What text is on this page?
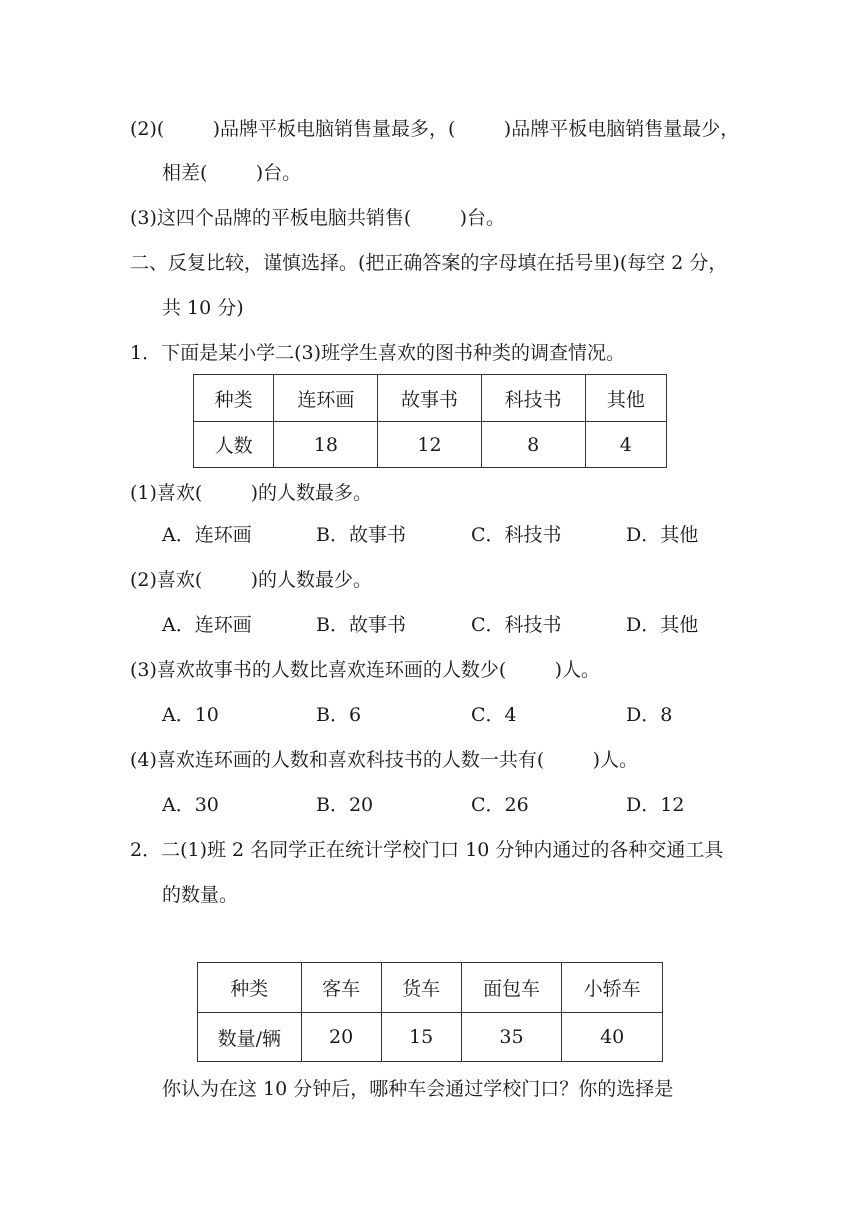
(2)(        )品牌平板电脑销售量最多，(        )品牌平板电脑销售量最少，
相差(        )台。
(3)这四个品牌的平板电脑共销售(        )台。
二、反复比较，谨慎选择。(把正确答案的字母填在括号里)(每空 2 分，
共 10 分)
1．下面是某小学二(3)班学生喜欢的图书种类的调查情况。
种类	连环画	故事书	科技书	其他
人数	18	12	8	4
(1)喜欢(        )的人数最多。
A．连环画	B．故事书	C．科技书	D．其他
(2)喜欢(        )的人数最少。
A．连环画	B．故事书	C．科技书	D．其他
(3)喜欢故事书的人数比喜欢连环画的人数少(        )人。
A．10	B．6	C．4	D．8
(4)喜欢连环画的人数和喜欢科技书的人数一共有(        )人。
A．30	B．20	C．26	D．12
2．二(1)班 2 名同学正在统计学校门口 10 分钟内通过的各种交通工具
的数量。
种类	客车	货车	面包车	小轿车
数量/辆	20	15	35	40
你认为在这 10 分钟后，哪种车会通过学校门口？你的选择是
